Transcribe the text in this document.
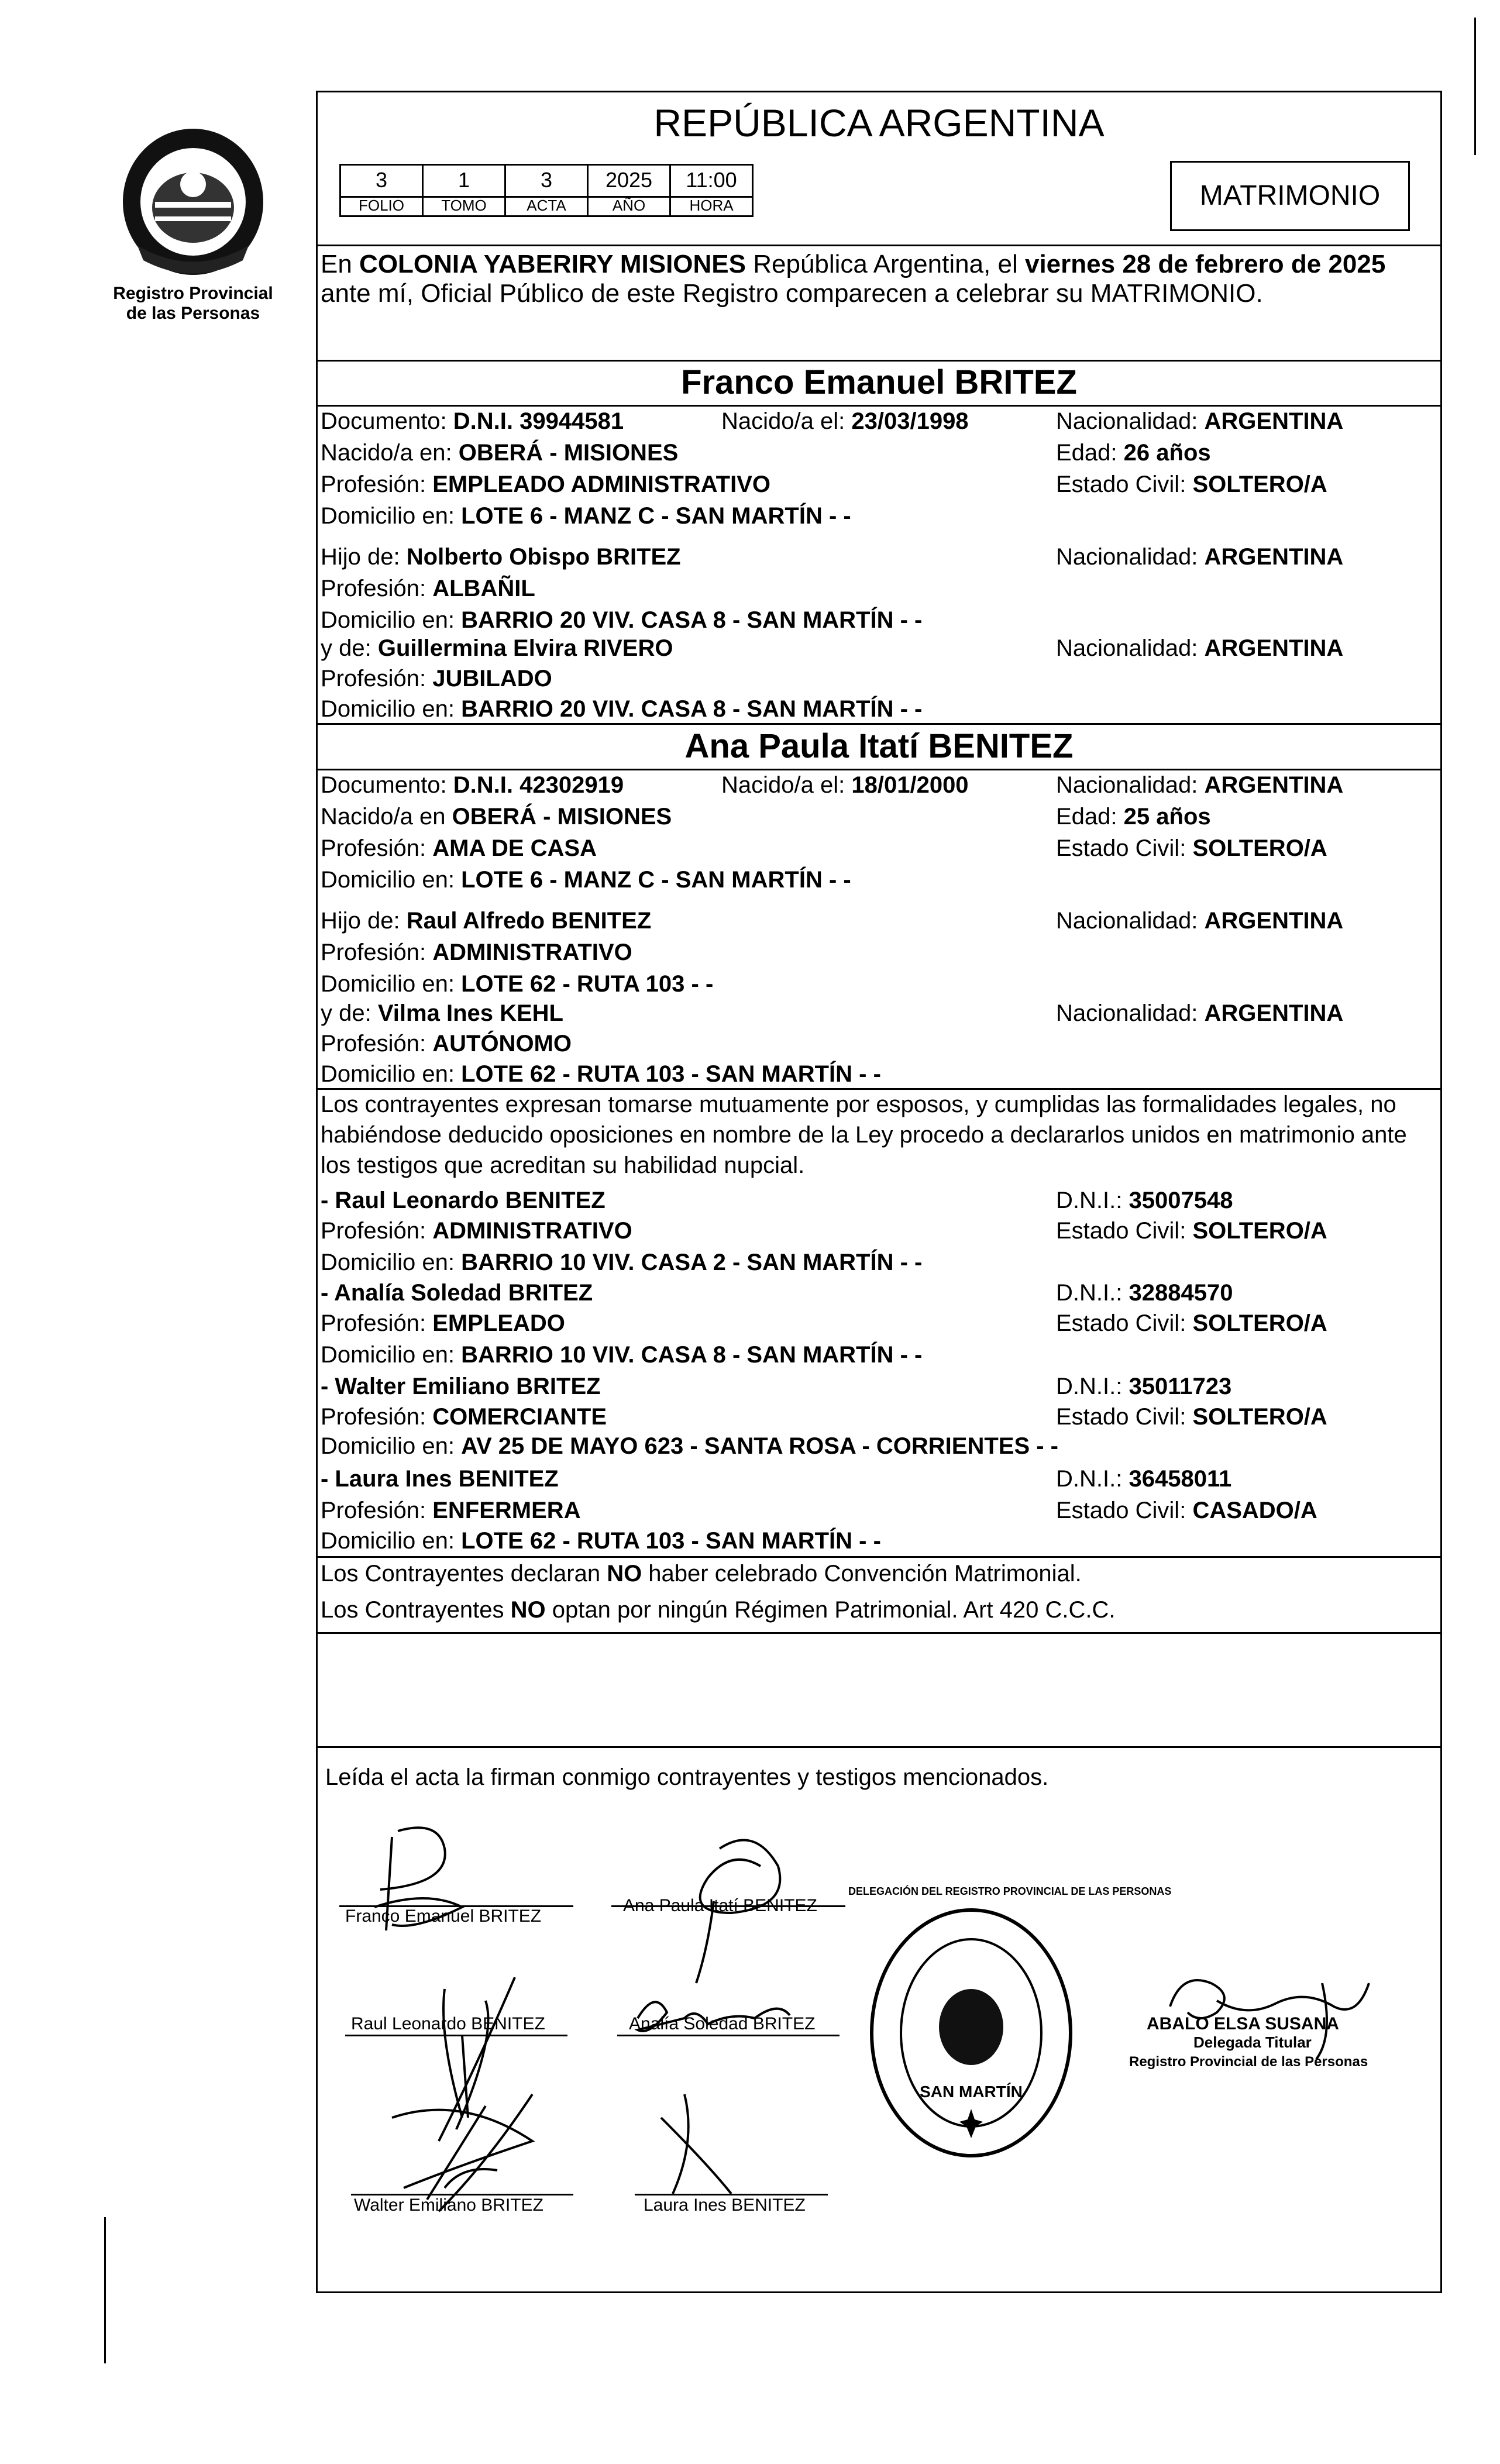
Registro Provincial
de las Personas
REPÚBLICA ARGENTINA
3	1	3	2025	11:00
FOLIO	TOMO	ACTA	AÑO	HORA	MATRIMONIO
En COLONIA YABERIRY MISIONES República Argentina, el viernes 28 de febrero de 2025
ante mí, Oficial Público de este Registro comparecen a celebrar su MATRIMONIO.
Franco Emanuel BRITEZ
Documento: D.N.I. 39944581	Nacido/a el: 23/03/1998	Nacionalidad: ARGENTINA
Nacido/a en: OBERÁ - MISIONES	Edad: 26 años
Profesión: EMPLEADO ADMINISTRATIVO	Estado Civil: SOLTERO/A
Domicilio en: LOTE 6 - MANZ C - SAN MARTÍN - -
Hijo de: Nolberto Obispo BRITEZ	Nacionalidad: ARGENTINA
Profesión: ALBAÑIL
Domicilio en: BARRIO 20 VIV. CASA 8 - SAN MARTÍN - -
y de: Guillermina Elvira RIVERO	Nacionalidad: ARGENTINA
Profesión: JUBILADO
Domicilio en: BARRIO 20 VIV. CASA 8 - SAN MARTÍN - -
Ana Paula Itatí BENITEZ
Documento: D.N.I. 42302919	Nacido/a el: 18/01/2000	Nacionalidad: ARGENTINA
Nacido/a en OBERÁ - MISIONES	Edad: 25 años
Profesión: AMA DE CASA	Estado Civil: SOLTERO/A
Domicilio en: LOTE 6 - MANZ C - SAN MARTÍN - -
Hijo de: Raul Alfredo BENITEZ	Nacionalidad: ARGENTINA
Profesión: ADMINISTRATIVO
Domicilio en: LOTE 62 - RUTA 103 - -
y de: Vilma Ines KEHL	Nacionalidad: ARGENTINA
Profesión: AUTÓNOMO
Domicilio en: LOTE 62 - RUTA 103 - SAN MARTÍN - -
Los contrayentes expresan tomarse mutuamente por esposos, y cumplidas las formalidades legales, no
habiéndose deducido oposiciones en nombre de la Ley procedo a declararlos unidos en matrimonio ante
los testigos que acreditan su habilidad nupcial.
- Raul Leonardo BENITEZ	D.N.I.: 35007548
Profesión: ADMINISTRATIVO	Estado Civil: SOLTERO/A
Domicilio en: BARRIO 10 VIV. CASA 2 - SAN MARTÍN - -
- Analía Soledad BRITEZ	D.N.I.: 32884570
Profesión: EMPLEADO	Estado Civil: SOLTERO/A
Domicilio en: BARRIO 10 VIV. CASA 8 - SAN MARTÍN - -
- Walter Emiliano BRITEZ	D.N.I.: 35011723
Profesión: COMERCIANTE	Estado Civil: SOLTERO/A
Domicilio en: AV 25 DE MAYO 623 - SANTA ROSA - CORRIENTES - -
- Laura Ines BENITEZ	D.N.I.: 36458011
Profesión: ENFERMERA	Estado Civil: CASADO/A
Domicilio en: LOTE 62 - RUTA 103 - SAN MARTÍN - -
Los Contrayentes declaran NO haber celebrado Convención Matrimonial.
Los Contrayentes NO optan por ningún Régimen Patrimonial. Art 420 C.C.C.
Leída el acta la firman conmigo contrayentes y testigos mencionados.
Franco Emanuel BRITEZ
Ana Paula Itatí BENITEZ
Raul Leonardo BENITEZ	Analía Soledad BRITEZ
Walter Emiliano BRITEZ	Laura Ines BENITEZ
SAN MARTÍN
DELEGACIÓN DEL REGISTRO PROVINCIAL DE LAS PERSONAS
ABALO ELSA SUSANA
Delegada Titular
Registro Provincial de las Personas
